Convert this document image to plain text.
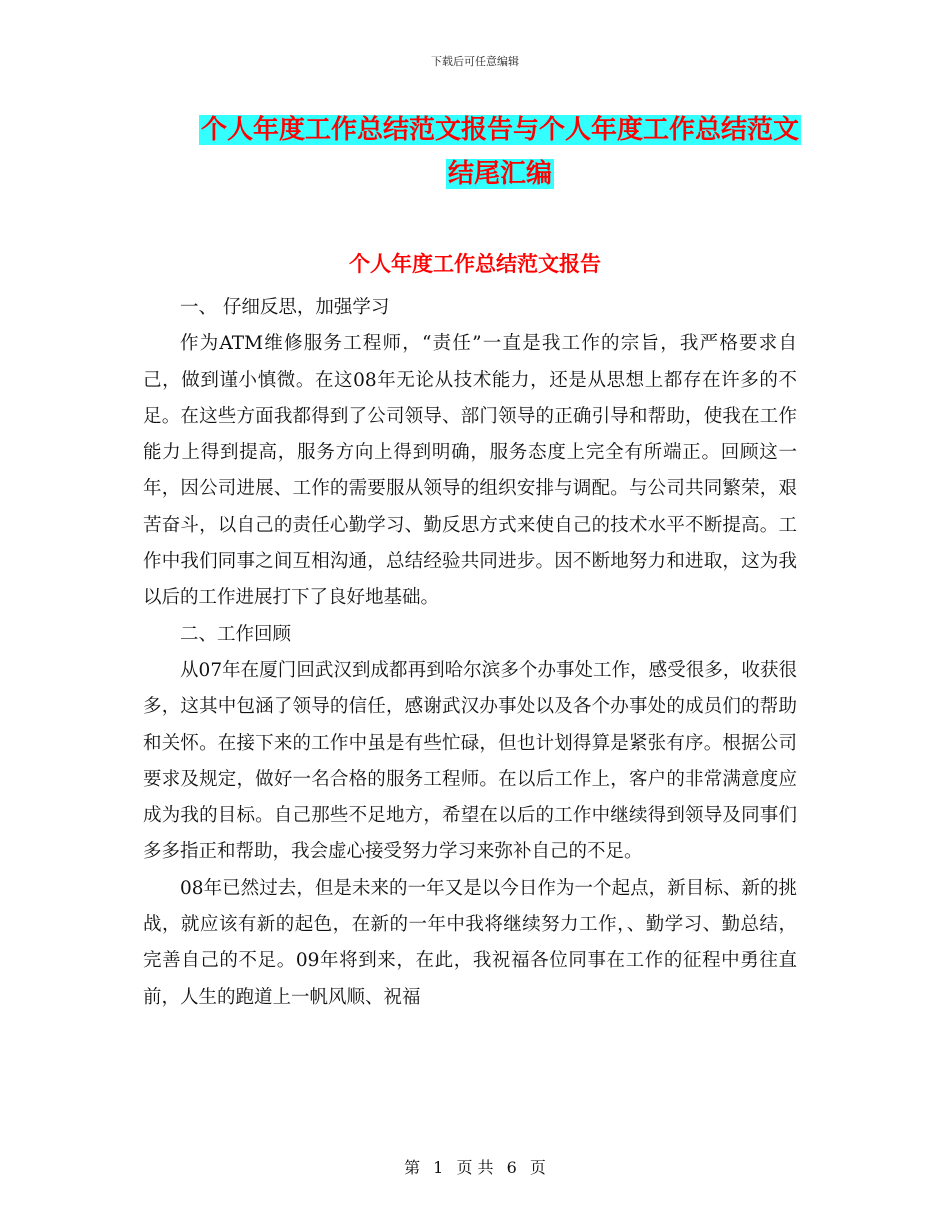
下载后可任意编辑
个人年度工作总结范文报告与个人年度工作总结范文
结尾汇编
个人年度工作总结范文报告

一、 仔细反思，加强学习

作为ATM维修服务工程师，“责任”一直是我工作的宗旨，我严格要求自己，做到谨小慎微。在这08年无论从技术能力，还是从思想上都存在许多的不足。在这些方面我都得到了公司领导、部门领导的正确引导和帮助，使我在工作能力上得到提高，服务方向上得到明确，服务态度上完全有所端正。回顾这一年，因公司进展、工作的需要服从领导的组织安排与调配。与公司共同繁荣，艰苦奋斗，以自己的责任心勤学习、勤反思方式来使自己的技术水平不断提高。工作中我们同事之间互相沟通，总结经验共同进步。因不断地努力和进取，这为我以后的工作进展打下了良好地基础。

二、工作回顾

从07年在厦门回武汉到成都再到哈尔滨多个办事处工作，感受很多，收获很多，这其中包涵了领导的信任，感谢武汉办事处以及各个办事处的成员们的帮助和关怀。在接下来的工作中虽是有些忙碌，但也计划得算是紧张有序。根据公司要求及规定，做好一名合格的服务工程师。在以后工作上，客户的非常满意度应成为我的目标。自己那些不足地方，希望在以后的工作中继续得到领导及同事们多多指正和帮助，我会虚心接受努力学习来弥补自己的不足。

08年已然过去，但是未来的一年又是以今日作为一个起点，新目标、新的挑战，就应该有新的起色，在新的一年中我将继续努力工作，、勤学习、勤总结，完善自己的不足。09年将到来，在此，我祝福各位同事在工作的征程中勇往直前，人生的跑道上一帆风顺、祝福

第 1 页 共 6 页
